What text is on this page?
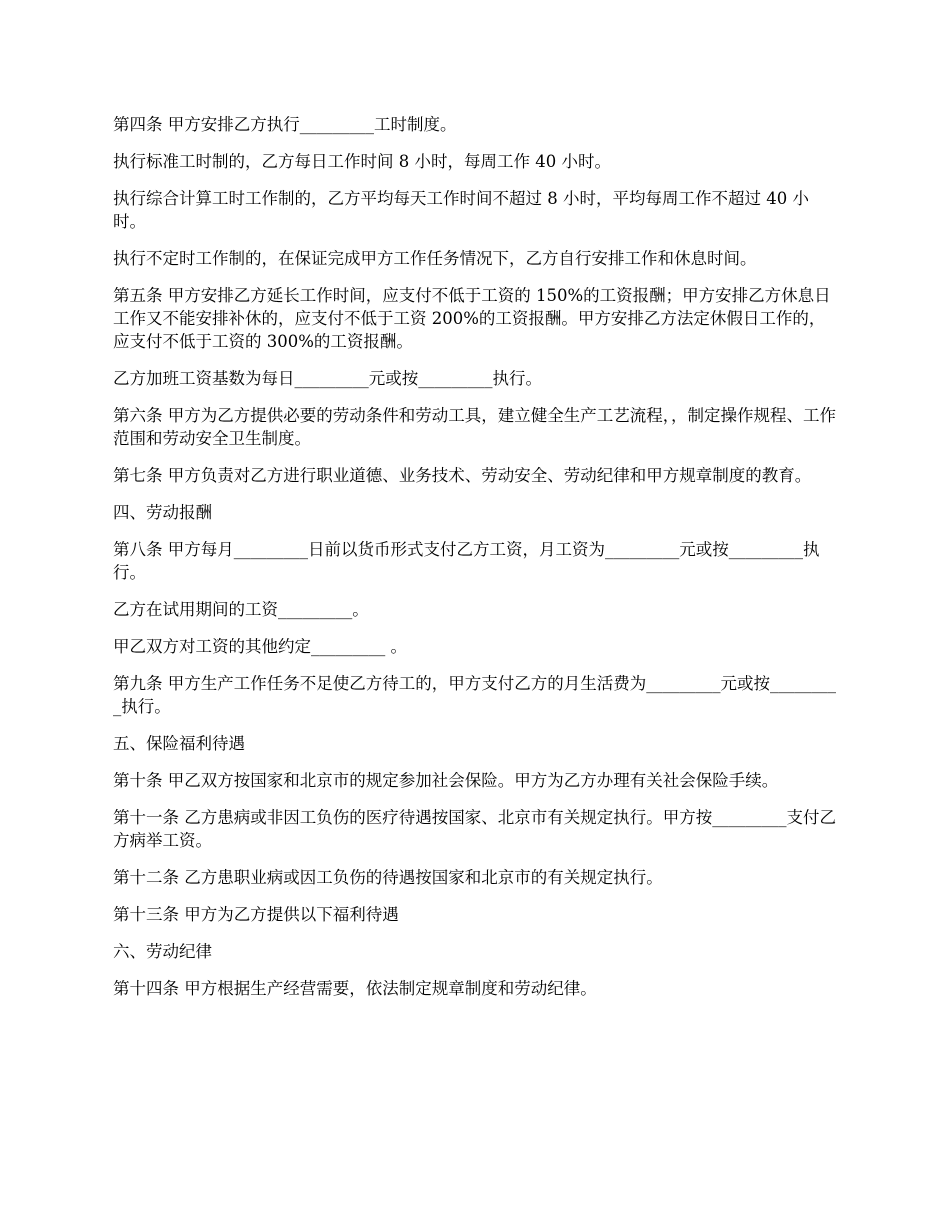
第四条 甲方安排乙方执行_________工时制度。

执行标准工时制的，乙方每日工作时间 8 小时，每周工作 40 小时。

执行综合计算工时工作制的，乙方平均每天工作时间不超过 8 小时，平均每周工作不超过 40 小时。

执行不定时工作制的，在保证完成甲方工作任务情况下，乙方自行安排工作和休息时间。

第五条 甲方安排乙方延长工作时间，应支付不低于工资的 150%的工资报酬；甲方安排乙方休息日工作又不能安排补休的，应支付不低于工资 200%的工资报酬。甲方安排乙方法定休假日工作的，应支付不低于工资的 300%的工资报酬。

乙方加班工资基数为每日_________元或按_________执行。

第六条 甲方为乙方提供必要的劳动条件和劳动工具，建立健全生产工艺流程，，制定操作规程、工作范围和劳动安全卫生制度。

第七条 甲方负责对乙方进行职业道德、业务技术、劳动安全、劳动纪律和甲方规章制度的教育。

四、劳动报酬

第八条 甲方每月_________日前以货币形式支付乙方工资，月工资为_________元或按_________执行。

乙方在试用期间的工资_________。

甲乙双方对工资的其他约定_________ 。

第九条 甲方生产工作任务不足使乙方待工的，甲方支付乙方的月生活费为_________元或按_________执行。

五、保险福利待遇

第十条 甲乙双方按国家和北京市的规定参加社会保险。甲方为乙方办理有关社会保险手续。

第十一条 乙方患病或非因工负伤的医疗待遇按国家、北京市有关规定执行。甲方按_________支付乙方病举工资。

第十二条 乙方患职业病或因工负伤的待遇按国家和北京市的有关规定执行。

第十三条 甲方为乙方提供以下福利待遇

六、劳动纪律

第十四条 甲方根据生产经营需要，依法制定规章制度和劳动纪律。
